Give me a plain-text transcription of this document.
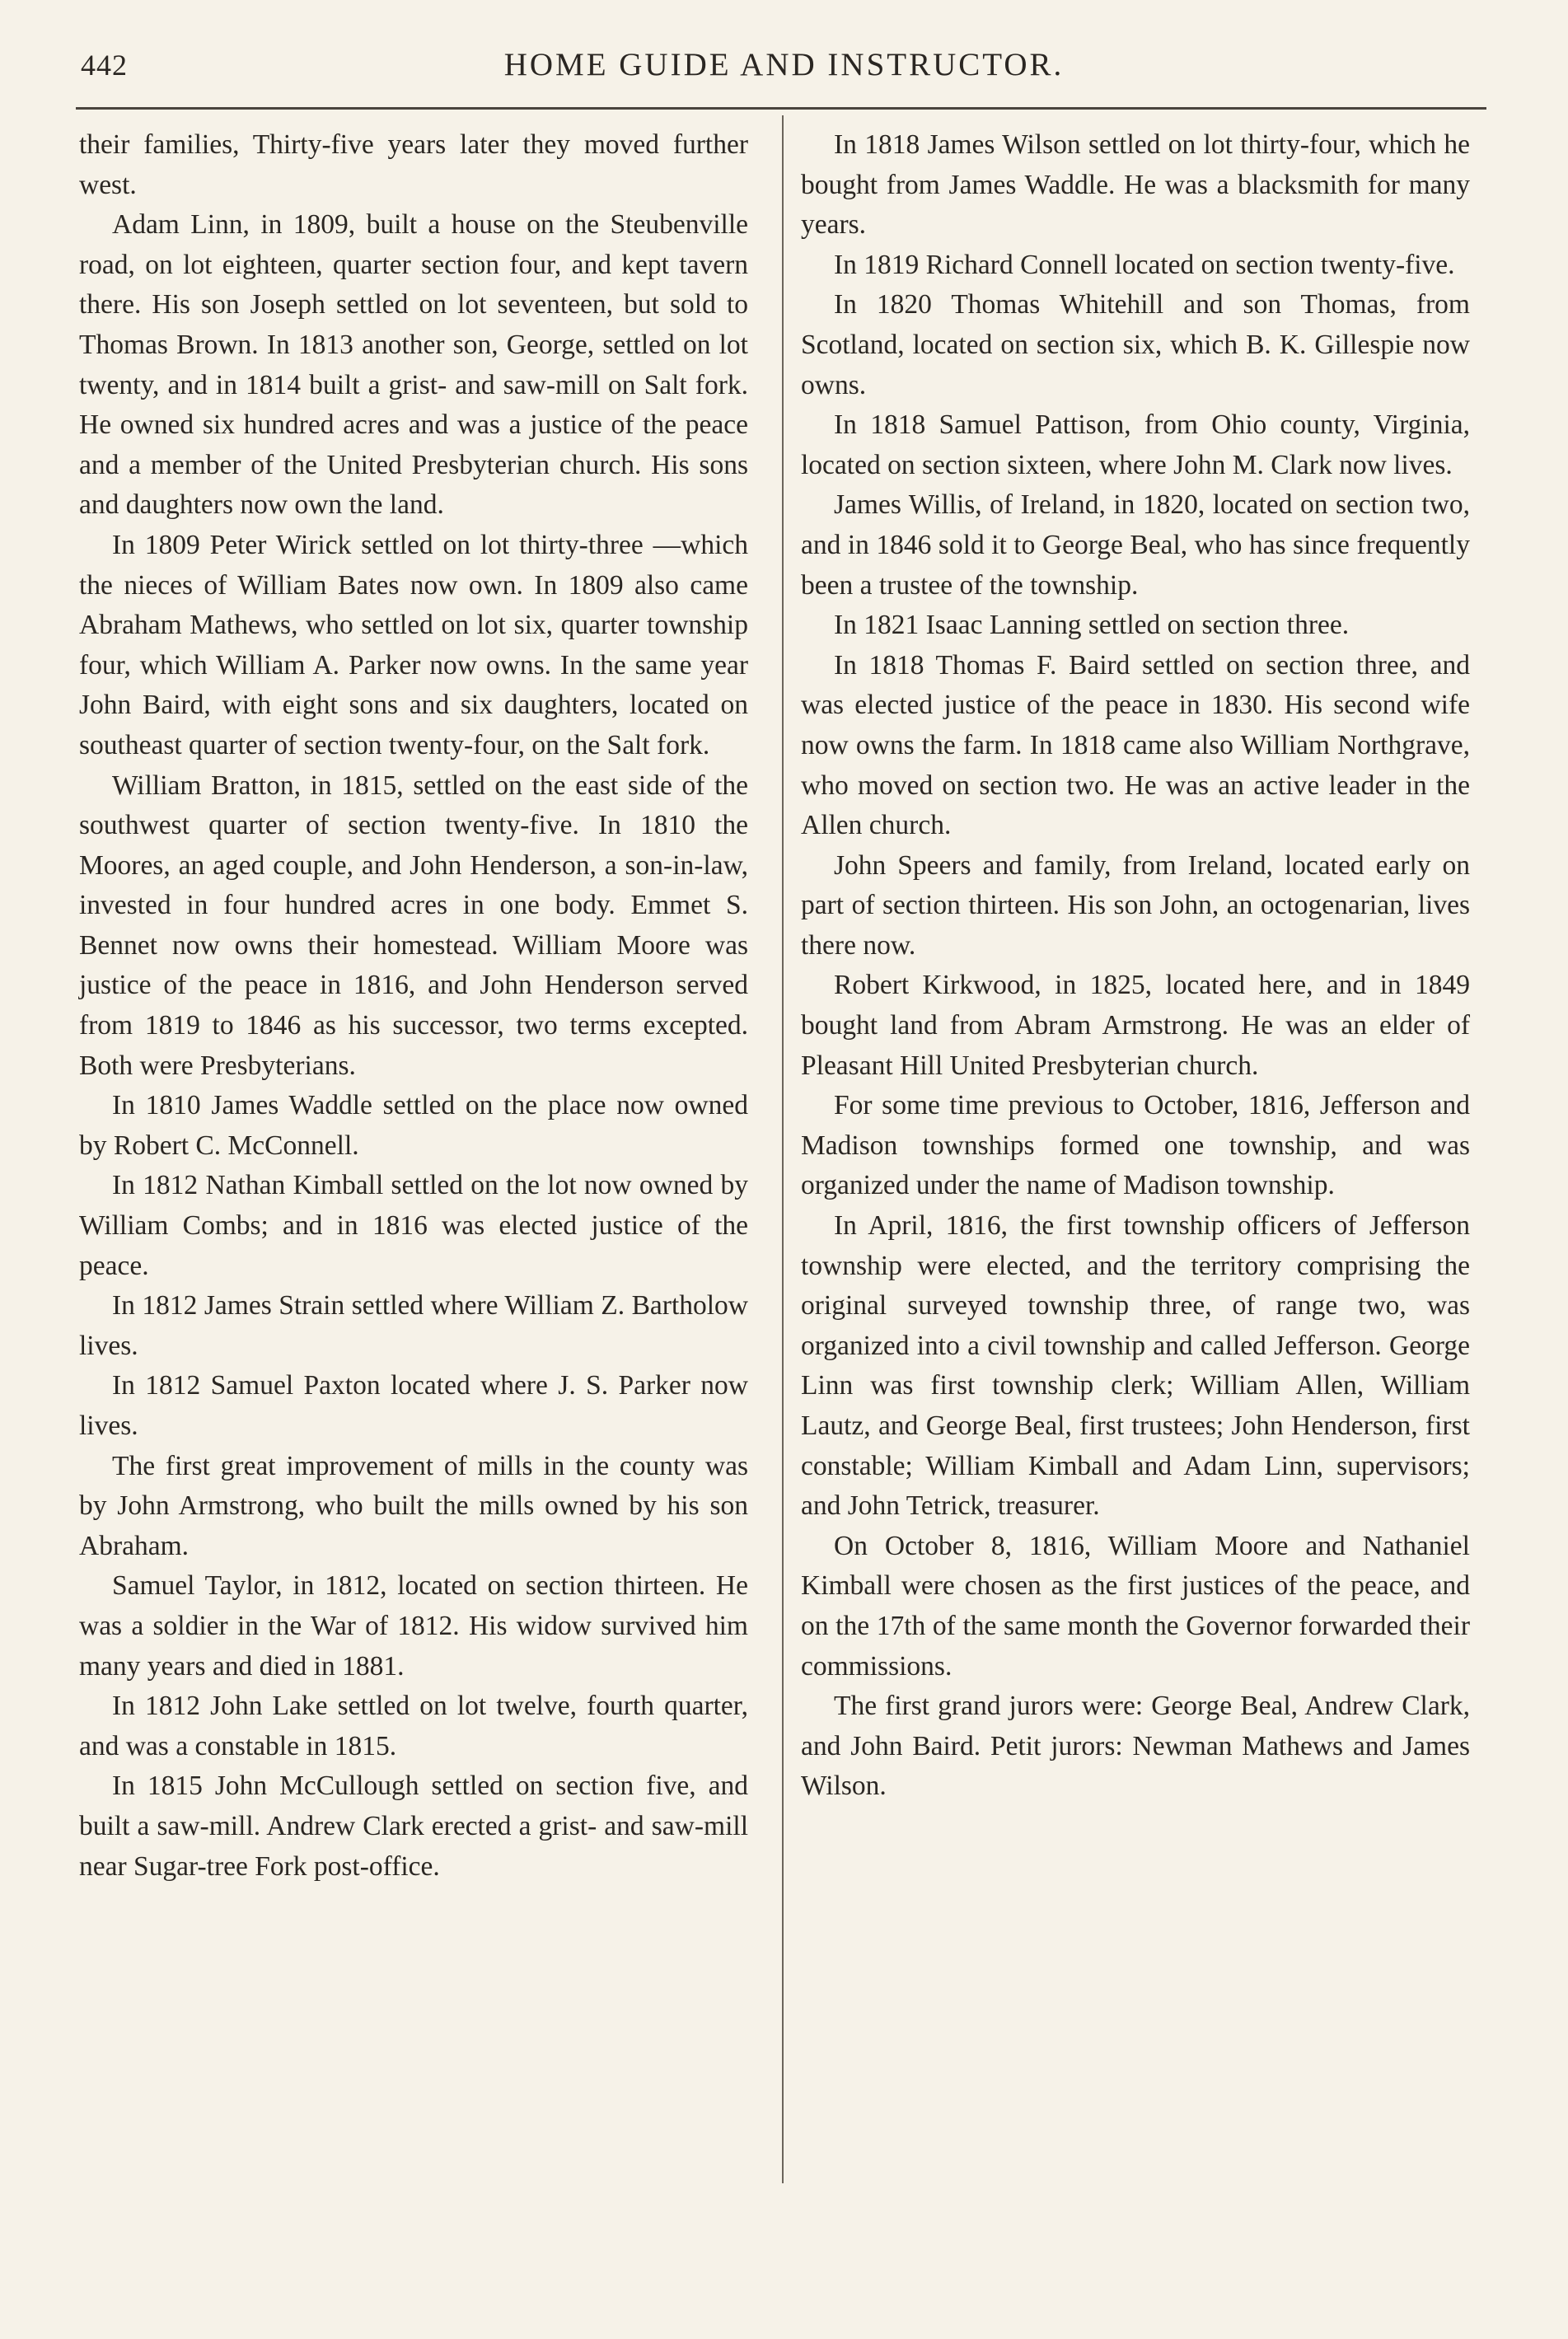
442	HOME GUIDE AND INSTRUCTOR.

their families, Thirty-five years later they moved further west.

Adam Linn, in 1809, built a house on the Steubenville road, on lot eighteen, quarter section four, and kept tavern there. His son Joseph settled on lot seventeen, but sold to Thomas Brown. In 1813 another son, George, settled on lot twenty, and in 1814 built a grist- and saw-mill on Salt fork. He owned six hundred acres and was a justice of the peace and a member of the United Presbyterian church. His sons and daughters now own the land.

In 1809 Peter Wirick settled on lot thirty-three —which the nieces of William Bates now own. In 1809 also came Abraham Mathews, who settled on lot six, quarter township four, which William A. Parker now owns. In the same year John Baird, with eight sons and six daughters, located on southeast quarter of section twenty-four, on the Salt fork.

William Bratton, in 1815, settled on the east side of the southwest quarter of section twenty-five. In 1810 the Moores, an aged couple, and John Henderson, a son-in-law, invested in four hundred acres in one body. Emmet S. Bennet now owns their homestead. William Moore was justice of the peace in 1816, and John Henderson served from 1819 to 1846 as his successor, two terms excepted. Both were Presbyterians.

In 1810 James Waddle settled on the place now owned by Robert C. McConnell.

In 1812 Nathan Kimball settled on the lot now owned by William Combs; and in 1816 was elected justice of the peace.

In 1812 James Strain settled where William Z. Bartholow lives.

In 1812 Samuel Paxton located where J. S. Parker now lives.

The first great improvement of mills in the county was by John Armstrong, who built the mills owned by his son Abraham.

Samuel Taylor, in 1812, located on section thirteen. He was a soldier in the War of 1812. His widow survived him many years and died in 1881.

In 1812 John Lake settled on lot twelve, fourth quarter, and was a constable in 1815.

In 1815 John McCullough settled on section five, and built a saw-mill. Andrew Clark erected a grist- and saw-mill near Sugar-tree Fork post-office.

In 1818 James Wilson settled on lot thirty-four, which he bought from James Waddle. He was a blacksmith for many years.

In 1819 Richard Connell located on section twenty-five.

In 1820 Thomas Whitehill and son Thomas, from Scotland, located on section six, which B. K. Gillespie now owns.

In 1818 Samuel Pattison, from Ohio county, Virginia, located on section sixteen, where John M. Clark now lives.

James Willis, of Ireland, in 1820, located on section two, and in 1846 sold it to George Beal, who has since frequently been a trustee of the township.

In 1821 Isaac Lanning settled on section three.

In 1818 Thomas F. Baird settled on section three, and was elected justice of the peace in 1830. His second wife now owns the farm. In 1818 came also William Northgrave, who moved on section two. He was an active leader in the Allen church.

John Speers and family, from Ireland, located early on part of section thirteen. His son John, an octogenarian, lives there now.

Robert Kirkwood, in 1825, located here, and in 1849 bought land from Abram Armstrong. He was an elder of Pleasant Hill United Presbyterian church.

For some time previous to October, 1816, Jefferson and Madison townships formed one township, and was organized under the name of Madison township.

In April, 1816, the first township officers of Jefferson township were elected, and the territory comprising the original surveyed township three, of range two, was organized into a civil township and called Jefferson. George Linn was first township clerk; William Allen, William Lautz, and George Beal, first trustees; John Henderson, first constable; William Kimball and Adam Linn, supervisors; and John Tetrick, treasurer.

On October 8, 1816, William Moore and Nathaniel Kimball were chosen as the first justices of the peace, and on the 17th of the same month the Governor forwarded their commissions.

The first grand jurors were: George Beal, Andrew Clark, and John Baird. Petit jurors: Newman Mathews and James Wilson.
